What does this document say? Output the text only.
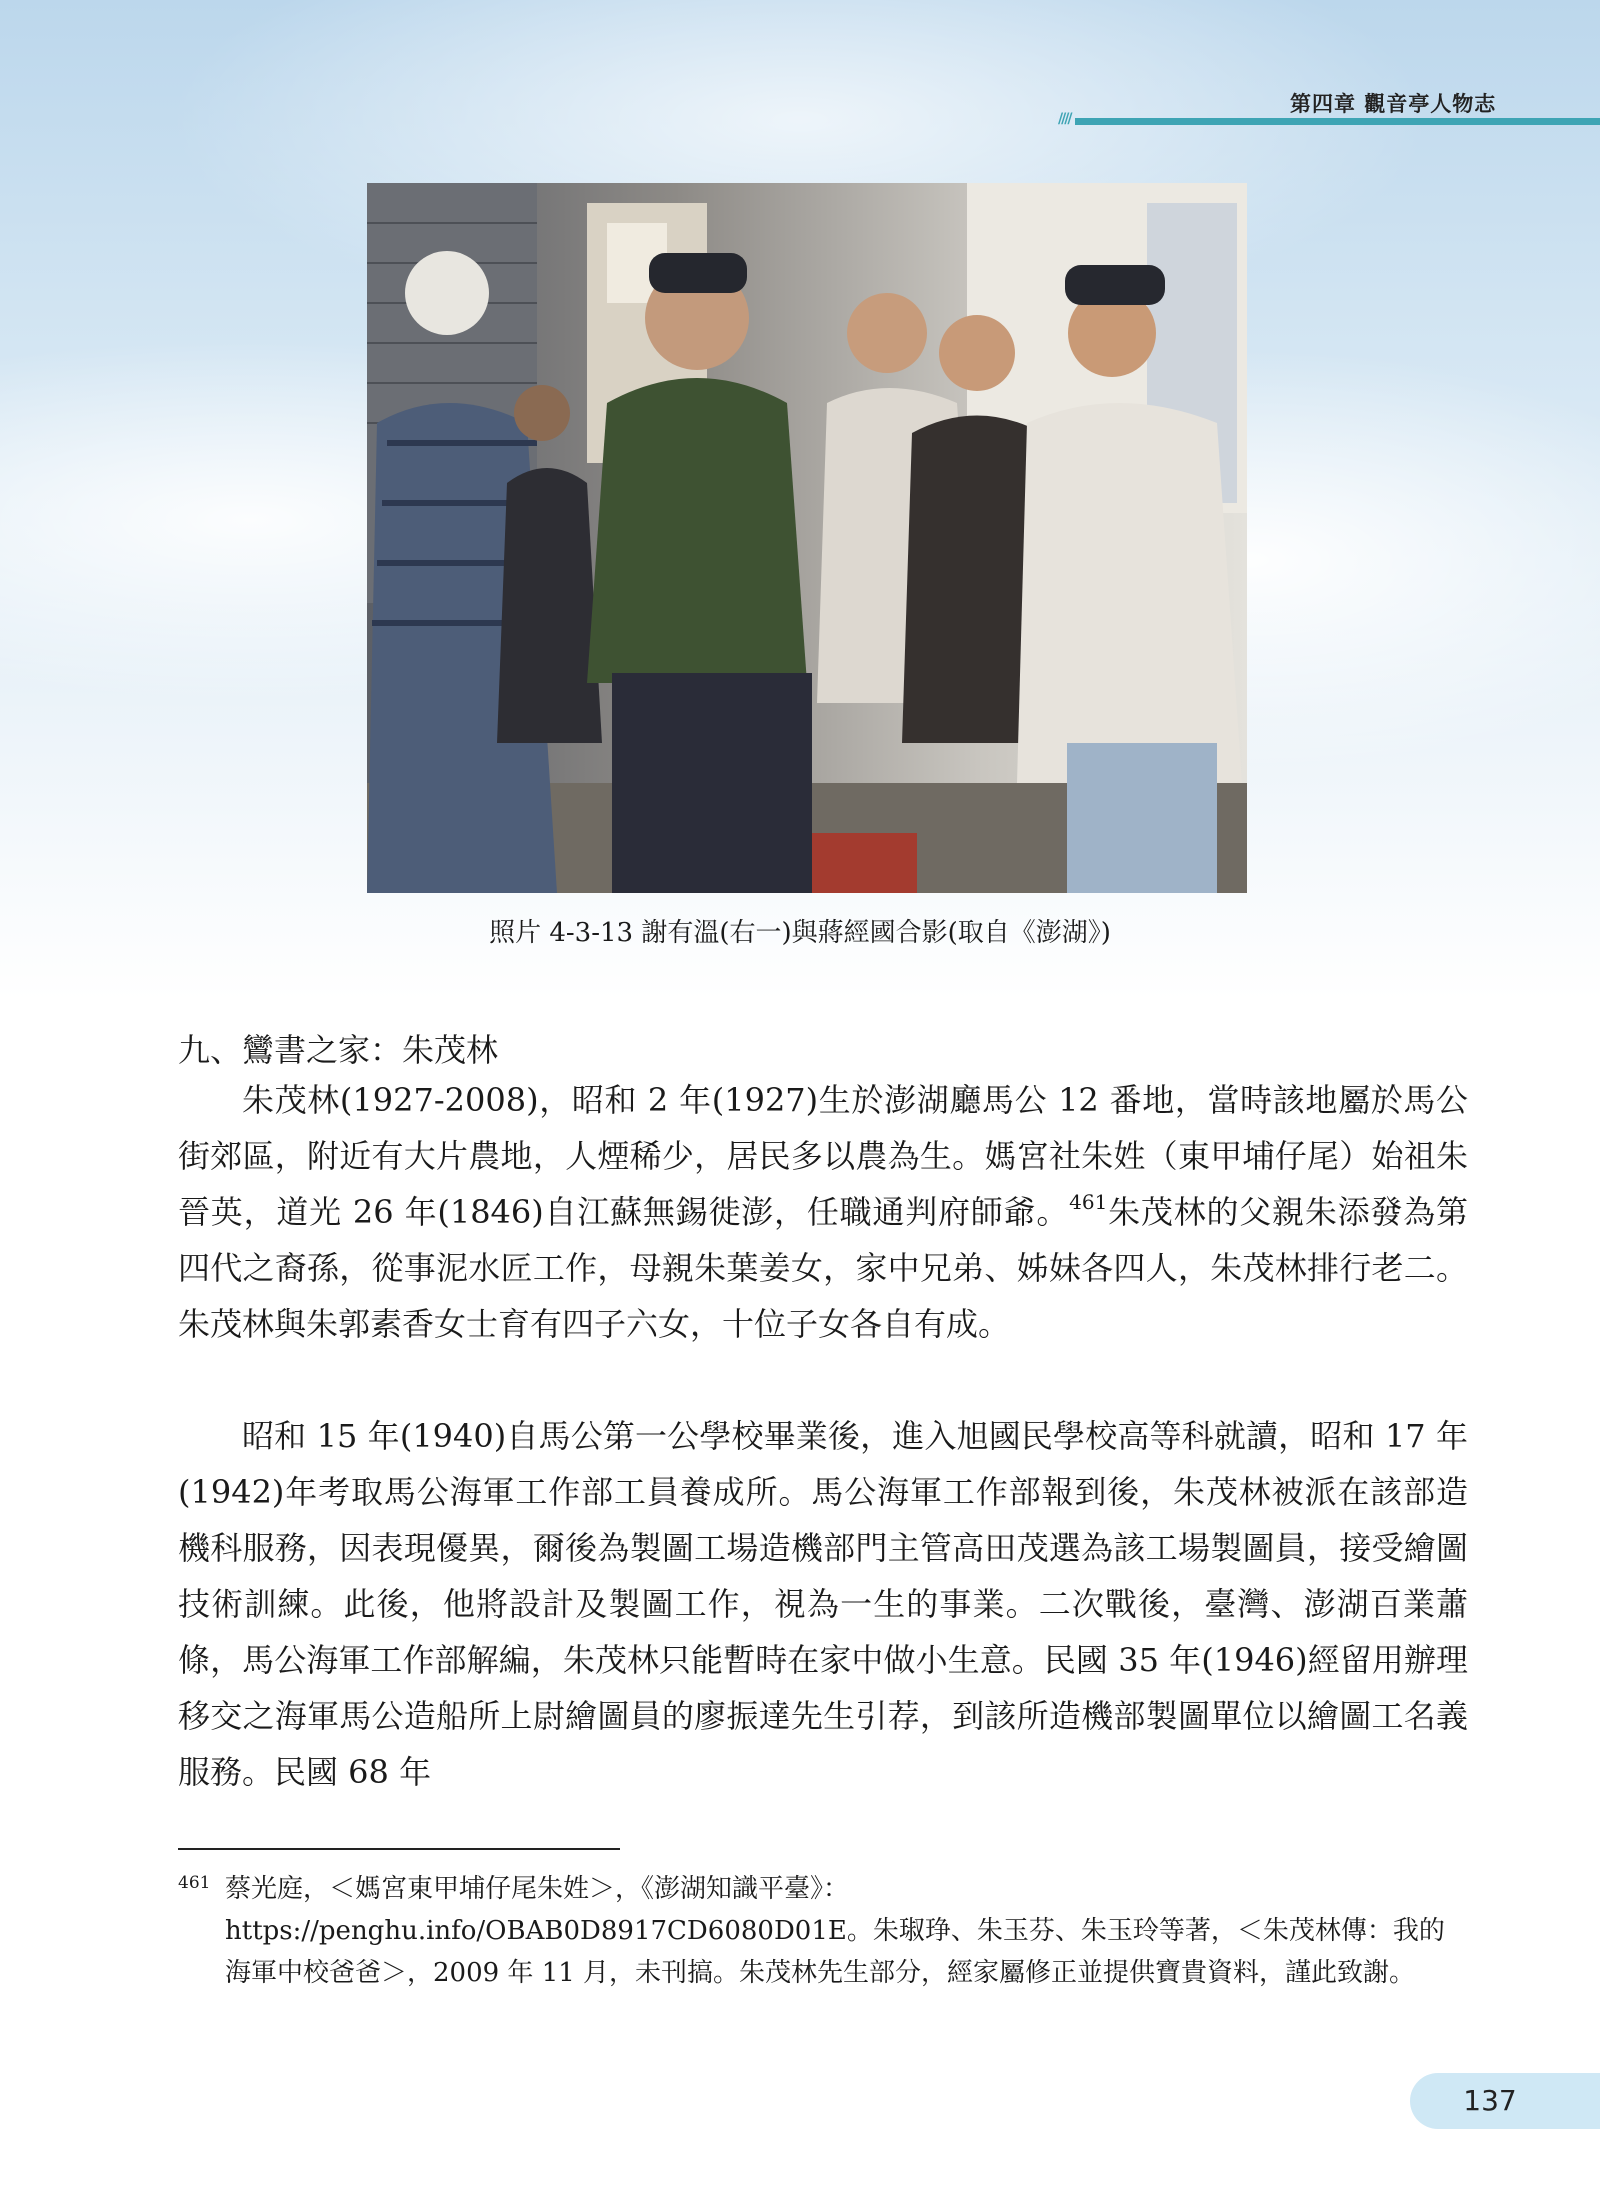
第四章 觀音亭人物志
////
照片 4-3-13 謝有溫(右一)與蔣經國合影(取自《澎湖》)
九、鸞書之家：朱茂林

朱茂林(1927-2008)，昭和 2 年(1927)生於澎湖廳馬公 12 番地，當時該地屬於馬公街郊區，附近有大片農地，人煙稀少，居民多以農為生。媽宮社朱姓（東甲埔仔尾）始祖朱晉英，道光 26 年(1846)自江蘇無錫徙澎，任職通判府師爺。$^{461}$朱茂林的父親朱添發為第四代之裔孫，從事泥水匠工作，母親朱葉姜女，家中兄弟、姊妹各四人，朱茂林排行老二。朱茂林與朱郭素香女士育有四子六女，十位子女各自有成。

昭和 15 年(1940)自馬公第一公學校畢業後，進入旭國民學校高等科就讀，昭和 17 年(1942)年考取馬公海軍工作部工員養成所。馬公海軍工作部報到後，朱茂林被派在該部造機科服務，因表現優異，爾後為製圖工場造機部門主管高田茂選為該工場製圖員，接受繪圖技術訓練。此後，他將設計及製圖工作，視為一生的事業。二次戰後，臺灣、澎湖百業蕭條，馬公海軍工作部解編，朱茂林只能暫時在家中做小生意。民國 35 年(1946)經留用辦理移交之海軍馬公造船所上尉繪圖員的廖振達先生引荐，到該所造機部製圖單位以繪圖工名義服務。民國 68 年

461 蔡光庭，＜媽宮東甲埔仔尾朱姓＞，《澎湖知識平臺》：https://penghu.info/OBAB0D8917CD6080D01E。朱琡琤、朱玉芬、朱玉玲等著，＜朱茂林傳：我的海軍中校爸爸＞，2009 年 11 月，未刊搞。朱茂林先生部分，經家屬修正並提供寶貴資料，謹此致謝。
137
